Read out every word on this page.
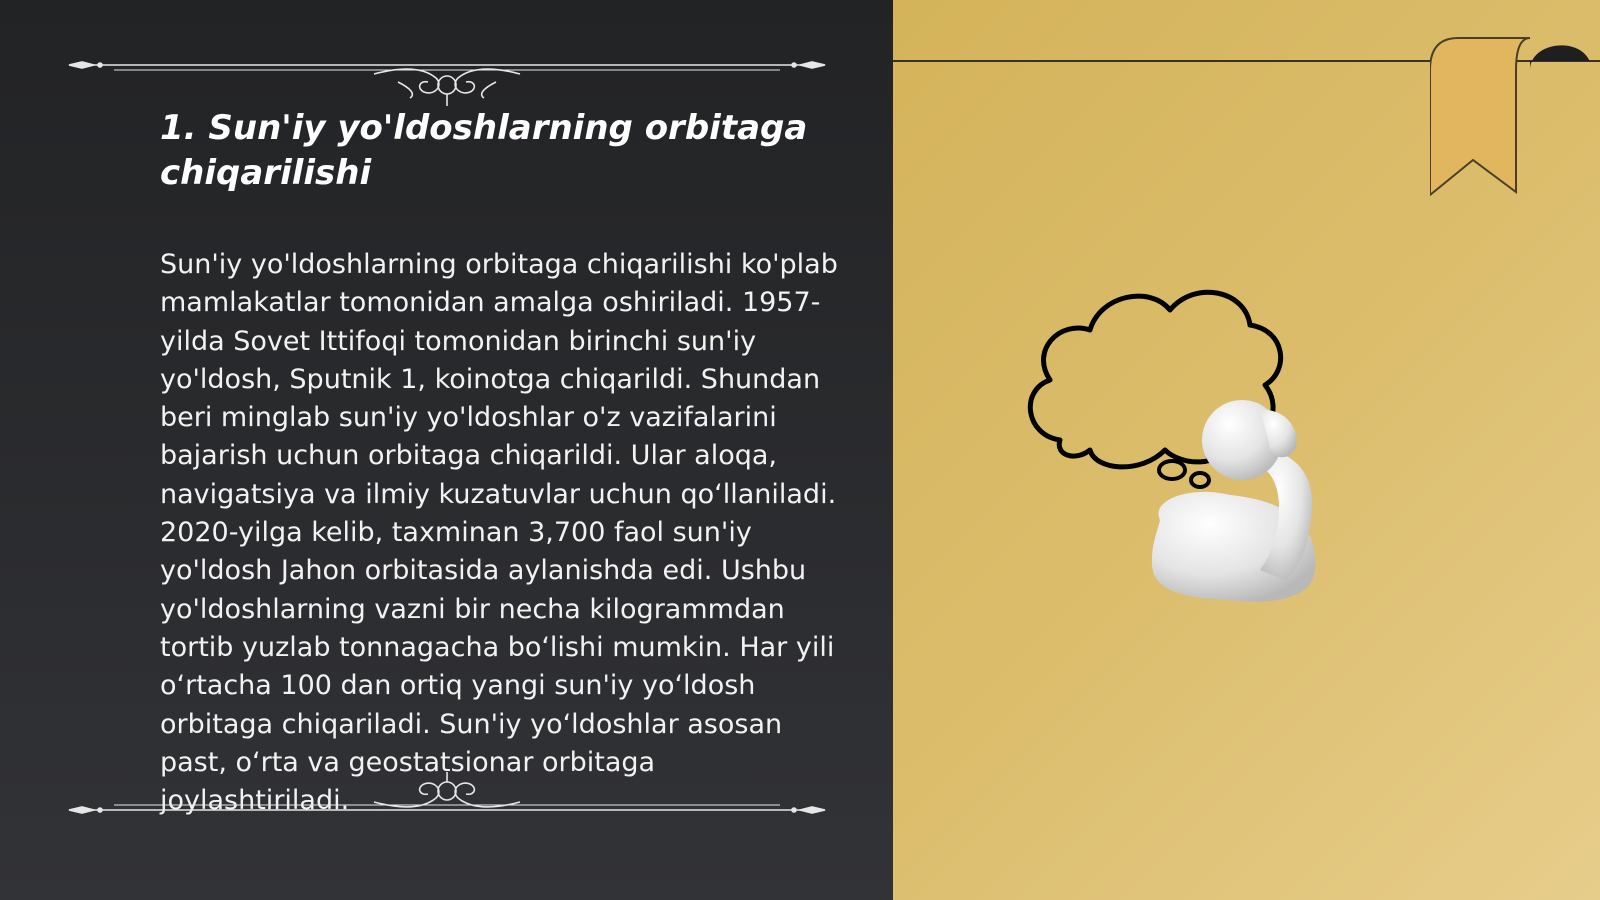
1. Sun'iy yo'ldoshlarning orbitaga chiqarilishi

Sun'iy yo'ldoshlarning orbitaga chiqarilishi ko'plab mamlakatlar tomonidan amalga oshiriladi. 1957-yilda Sovet Ittifoqi tomonidan birinchi sun'iy yo'ldosh, Sputnik 1, koinotga chiqarildi. Shundan beri minglab sun'iy yo'ldoshlar o'z vazifalarini bajarish uchun orbitaga chiqarildi. Ular aloqa, navigatsiya va ilmiy kuzatuvlar uchun qo‘llaniladi. 2020-yilga kelib, taxminan 3,700 faol sun'iy yo'ldosh Jahon orbitasida aylanishda edi. Ushbu yo'ldoshlarning vazni bir necha kilogrammdan tortib yuzlab tonnagacha bo‘lishi mumkin. Har yili o‘rtacha 100 dan ortiq yangi sun'iy yo‘ldosh orbitaga chiqariladi. Sun'iy yo‘ldoshlar asosan past, o‘rta va geostatsionar orbitaga joylashtiriladi.
